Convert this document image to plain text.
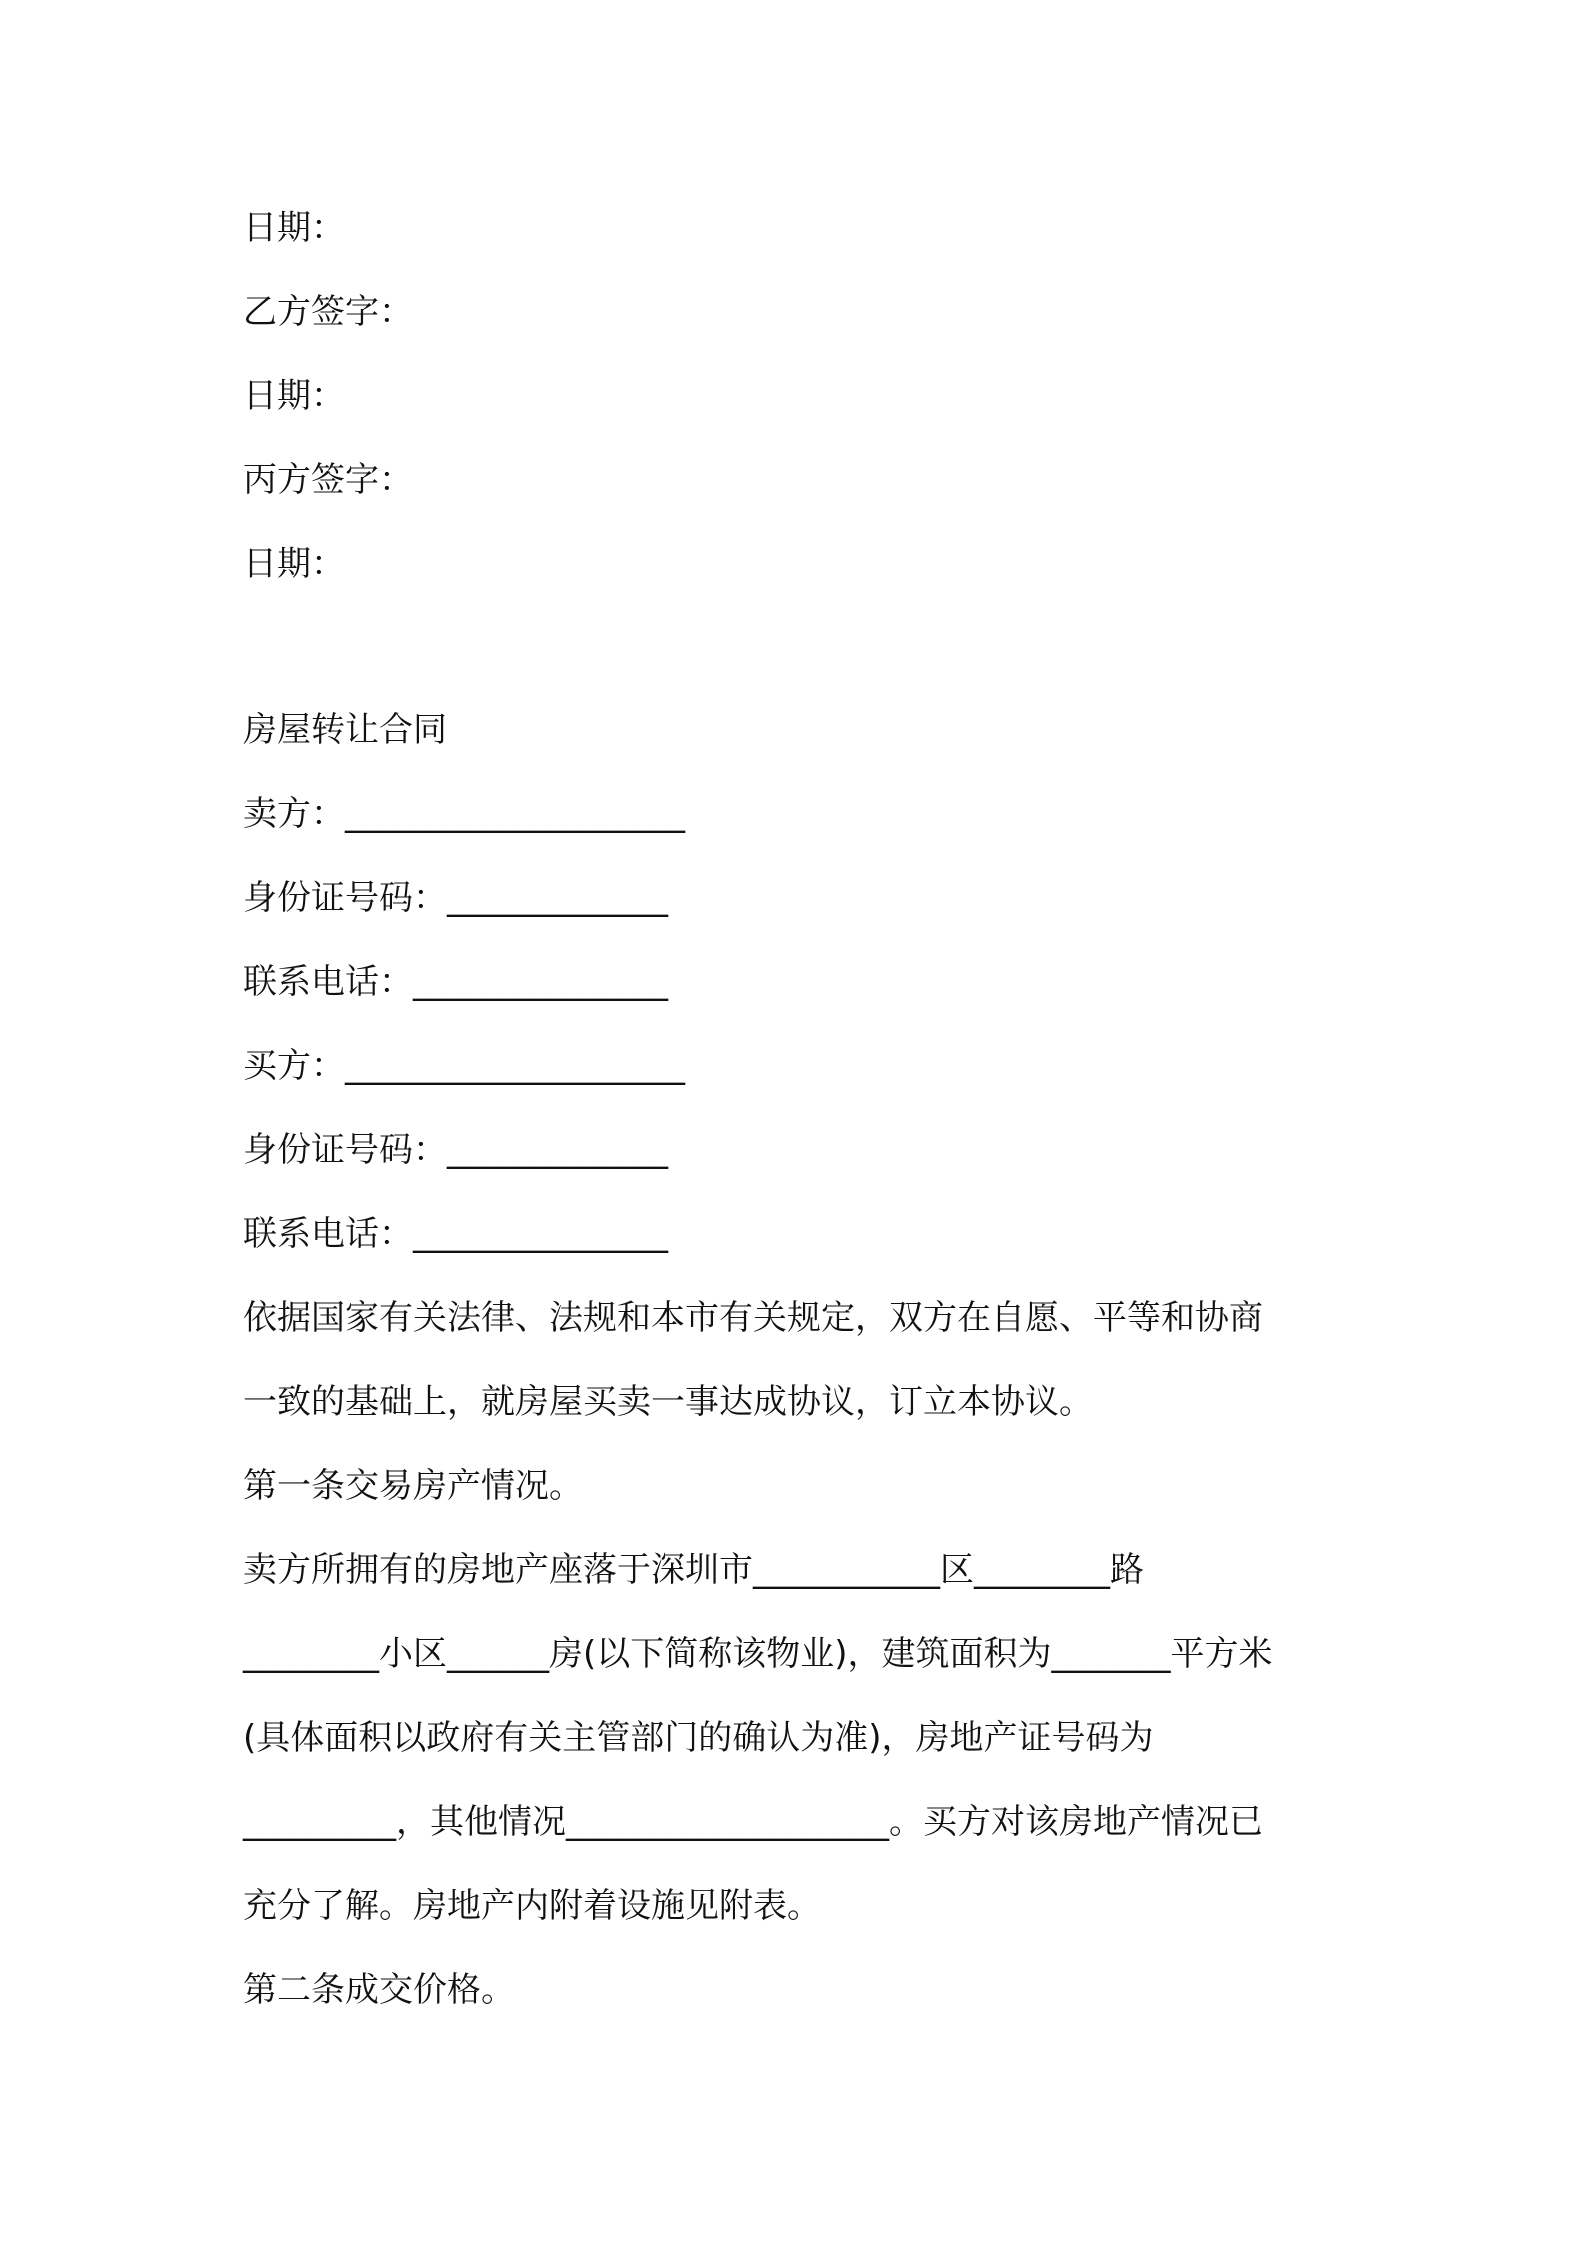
日期：
乙方签字：
日期：
丙方签字：
日期：
房屋转让合同
卖方：____________________
身份证号码：_____________
联系电话：_______________
买方：____________________
身份证号码：_____________
联系电话：_______________
依据国家有关法律、法规和本市有关规定，双方在自愿、平等和协商
一致的基础上，就房屋买卖一事达成协议，订立本协议。
第一条交易房产情况。
卖方所拥有的房地产座落于深圳市___________区________路
________小区______房(以下简称该物业)，建筑面积为_______平方米
(具体面积以政府有关主管部门的确认为准)，房地产证号码为
_________，其他情况___________________。买方对该房地产情况已
充分了解。房地产内附着设施见附表。
第二条成交价格。
